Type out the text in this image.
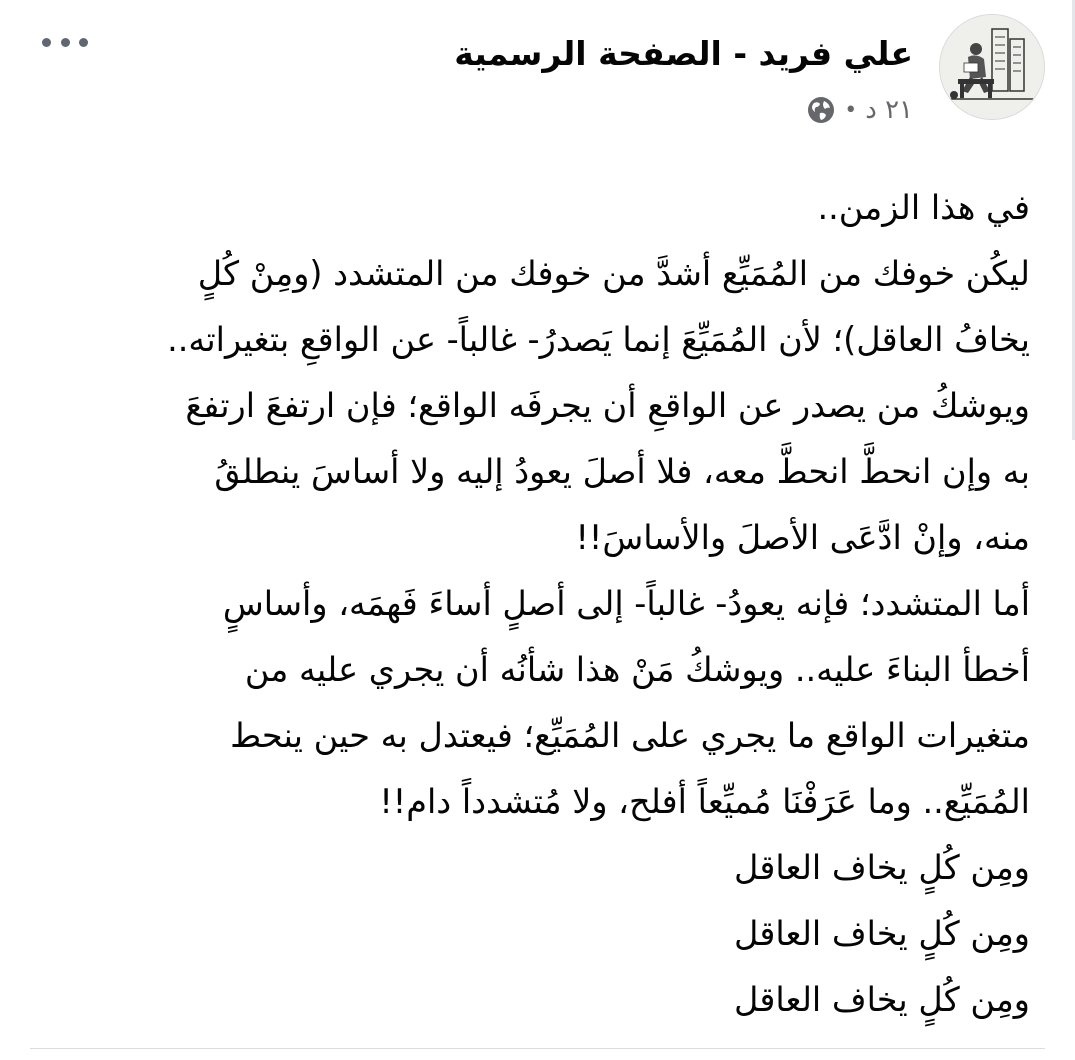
علي فريد - الصفحة الرسمية
٢١ د
•
في هذا الزمن..
ليكُن خوفك من المُمَيِّع أشدَّ من خوفك من المتشدد (ومِنْ كُلٍ
يخافُ العاقل)؛ لأن المُمَيِّعَ إنما يَصدرُ- غالباً- عن الواقعِ بتغيراته..
ويوشكُ من يصدر عن الواقعِ أن يجرفَه الواقع؛ فإن ارتفعَ ارتفعَ
به وإن انحطَّ انحطَّ معه، فلا أصلَ يعودُ إليه ولا أساسَ ينطلقُ
منه، وإنْ ادَّعَى الأصلَ والأساسَ!!
أما المتشدد؛ فإنه يعودُ- غالباً- إلى أصلٍ أساءَ فَهمَه، وأساسٍ
أخطأ البناءَ عليه.. ويوشكُ مَنْ هذا شأنُه أن يجري عليه من
متغيرات الواقع ما يجري على المُمَيِّع؛ فيعتدل به حين ينحط
المُمَيِّع.. وما عَرَفْنَا مُميِّعاً أفلح، ولا مُتشدداً دام!!
ومِن كُلٍ يخاف العاقل
ومِن كُلٍ يخاف العاقل
ومِن كُلٍ يخاف العاقل
